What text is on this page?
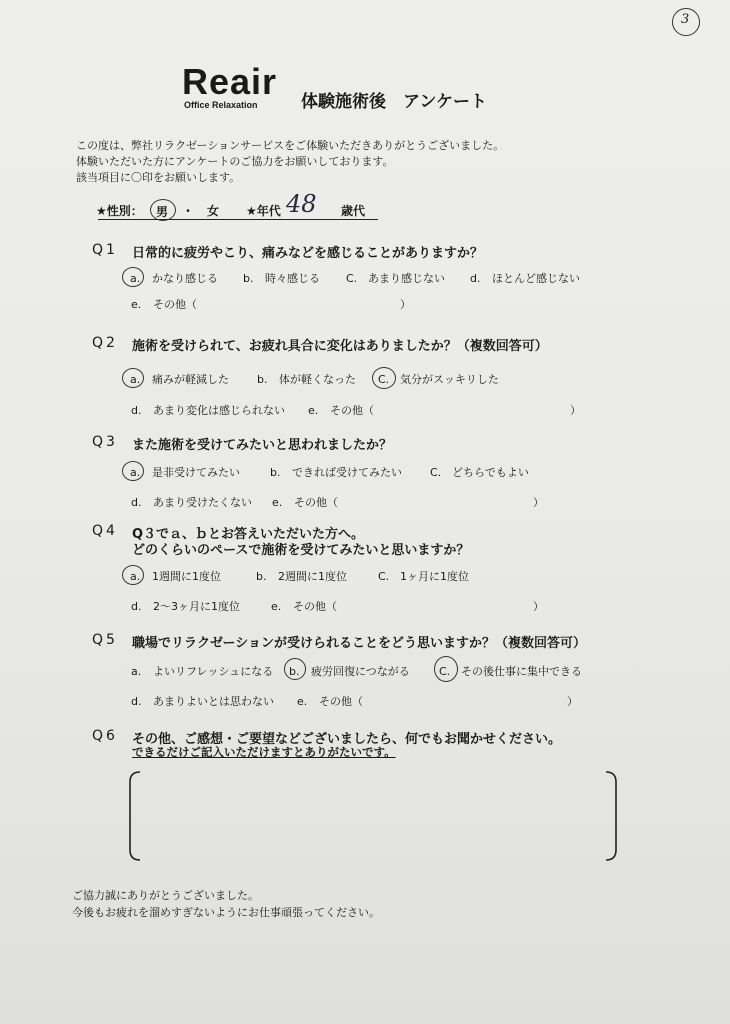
3
Reair
Office Relaxation	体験施術後　アンケート
この度は、弊社リラクゼーションサービスをご体験いただきありがとうございました。
体験いただいた方にアンケートのご協力をお願いしております。
該当項目に〇印をお願いします。
★性別： 男 ・ 女 ★年代 48 歳代
Q1 日常的に疲労やこり、痛みなどを感じることがありますか？
a. かなり感じる b. 時々感じる C. あまり感じない d. ほとんど感じない
e. その他（	）
Q2 施術を受けられて、お疲れ具合に変化はありましたか？（複数回答可）
a. 痛みが軽減した	b. 体が軽くなった C. 気分がスッキリした
d. あまり変化は感じられない e. その他（	）
Q3 また施術を受けてみたいと思われましたか？
a. 是非受けてみたい	b. できれば受けてみたい	C. どちらでもよい
d. あまり受けたくない e. その他（	）
Q4 Q３でａ、ｂとお答えいただいた方へ。
どのくらいのペースで施術を受けてみたいと思いますか？
a. 1週間に1度位	b. 2週間に1度位	C. 1ヶ月に1度位
d. 2～3ヶ月に1度位	e. その他（	）
Q5 職場でリラクゼーションが受けられることをどう思いますか？（複数回答可）
a. よいリフレッシュになる b. 疲労回復につながる	C. その後仕事に集中できる
d. あまりよいとは思わない e. その他（	）
Q6 その他、ご感想・ご要望などございましたら、何でもお聞かせください。
できるだけご記入いただけますとありがたいです。
ご協力誠にありがとうございました。
今後もお疲れを溜めすぎないようにお仕事頑張ってください。
